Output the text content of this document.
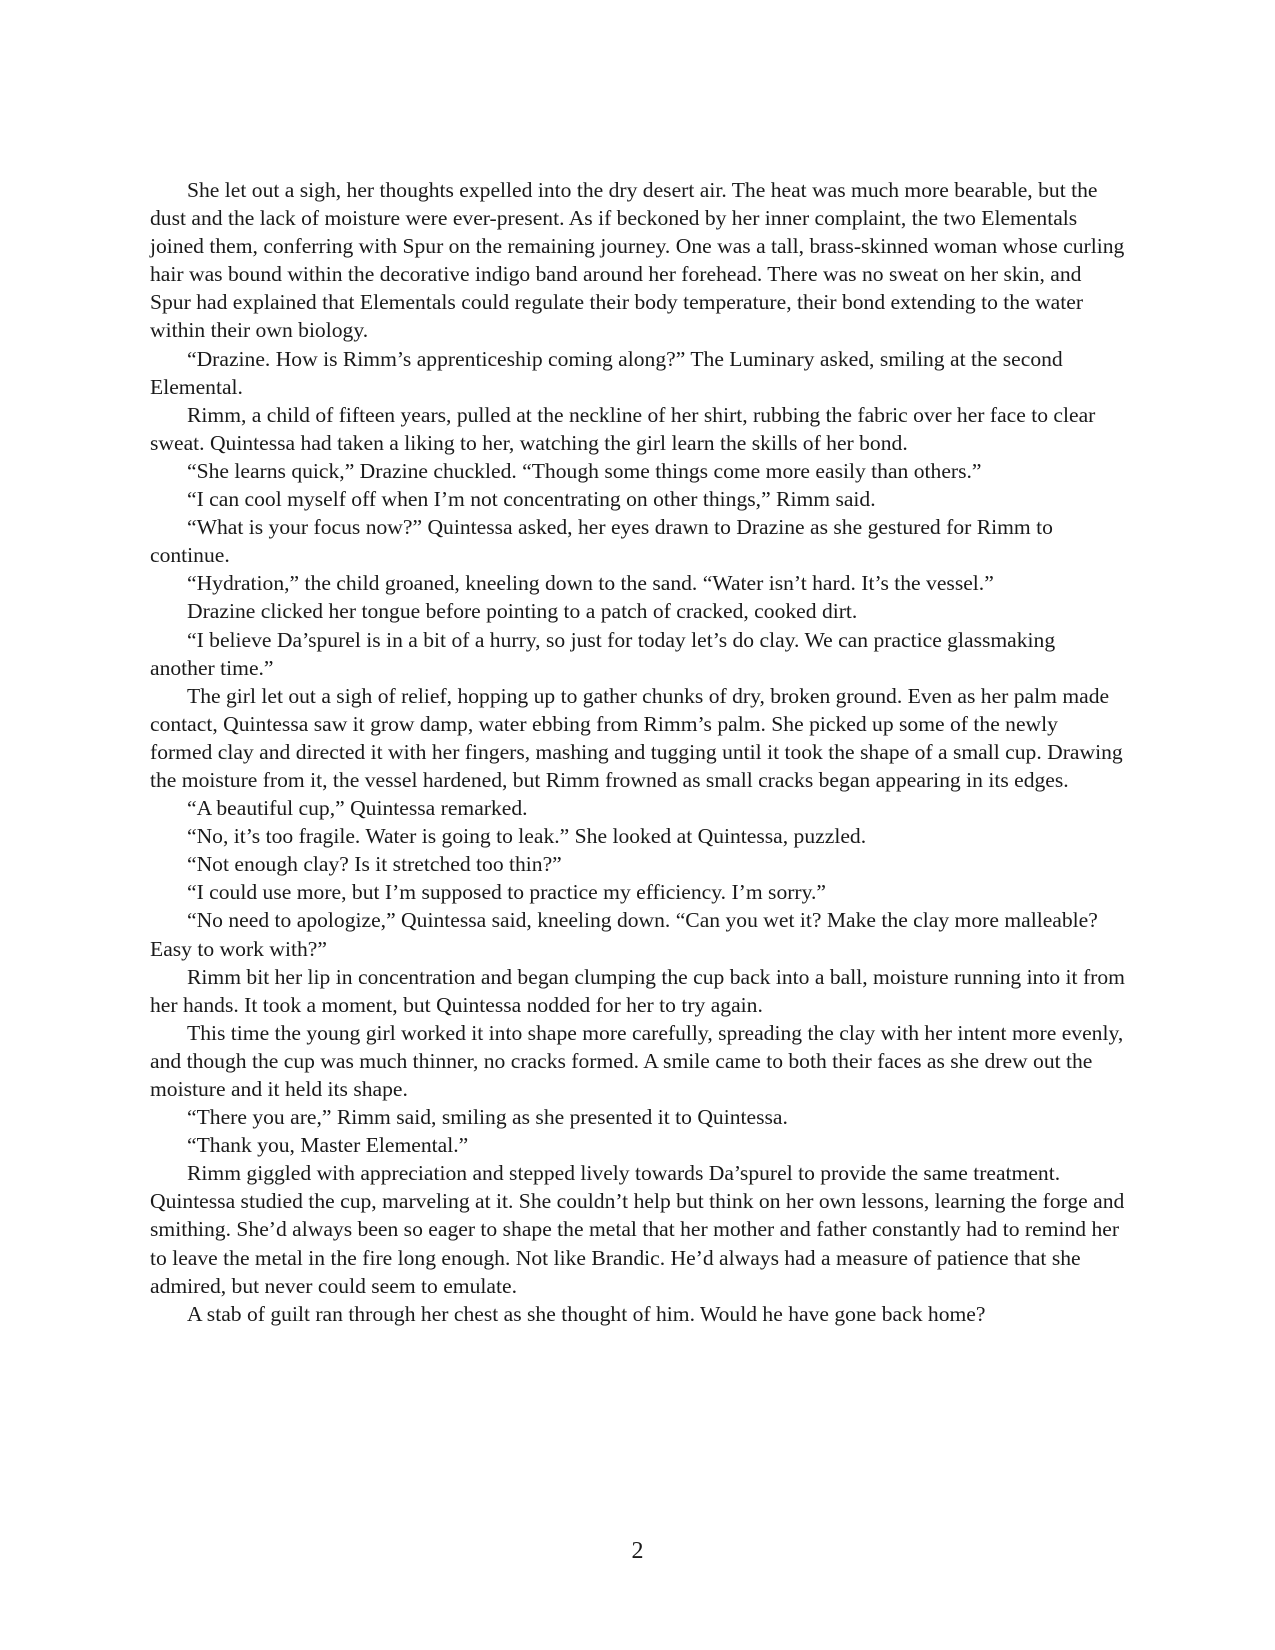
She let out a sigh, her thoughts expelled into the dry desert air. The heat was much more bearable, but the dust and the lack of moisture were ever-present. As if beckoned by her inner complaint, the two Elementals joined them, conferring with Spur on the remaining journey. One was a tall, brass-skinned woman whose curling hair was bound within the decorative indigo band around her forehead. There was no sweat on her skin, and Spur had explained that Elementals could regulate their body temperature, their bond extending to the water within their own biology.

“Drazine. How is Rimm’s apprenticeship coming along?” The Luminary asked, smiling at the second Elemental.

Rimm, a child of fifteen years, pulled at the neckline of her shirt, rubbing the fabric over her face to clear sweat. Quintessa had taken a liking to her, watching the girl learn the skills of her bond.

“She learns quick,” Drazine chuckled. “Though some things come more easily than others.”

“I can cool myself off when I’m not concentrating on other things,” Rimm said.

“What is your focus now?” Quintessa asked, her eyes drawn to Drazine as she gestured for Rimm to continue.

“Hydration,” the child groaned, kneeling down to the sand. “Water isn’t hard. It’s the vessel.”

Drazine clicked her tongue before pointing to a patch of cracked, cooked dirt.

“I believe Da’spurel is in a bit of a hurry, so just for today let’s do clay. We can practice glassmaking another time.”

The girl let out a sigh of relief, hopping up to gather chunks of dry, broken ground. Even as her palm made contact, Quintessa saw it grow damp, water ebbing from Rimm’s palm. She picked up some of the newly formed clay and directed it with her fingers, mashing and tugging until it took the shape of a small cup. Drawing the moisture from it, the vessel hardened, but Rimm frowned as small cracks began appearing in its edges.

“A beautiful cup,” Quintessa remarked.

“No, it’s too fragile. Water is going to leak.” She looked at Quintessa, puzzled.

“Not enough clay? Is it stretched too thin?”

“I could use more, but I’m supposed to practice my efficiency. I’m sorry.”

“No need to apologize,” Quintessa said, kneeling down. “Can you wet it? Make the clay more malleable? Easy to work with?”

Rimm bit her lip in concentration and began clumping the cup back into a ball, moisture running into it from her hands. It took a moment, but Quintessa nodded for her to try again.

This time the young girl worked it into shape more carefully, spreading the clay with her intent more evenly, and though the cup was much thinner, no cracks formed. A smile came to both their faces as she drew out the moisture and it held its shape.

“There you are,” Rimm said, smiling as she presented it to Quintessa.

“Thank you, Master Elemental.”

Rimm giggled with appreciation and stepped lively towards Da’spurel to provide the same treatment. Quintessa studied the cup, marveling at it. She couldn’t help but think on her own lessons, learning the forge and smithing. She’d always been so eager to shape the metal that her mother and father constantly had to remind her to leave the metal in the fire long enough. Not like Brandic. He’d always had a measure of patience that she admired, but never could seem to emulate.

A stab of guilt ran through her chest as she thought of him. Would he have gone back home?

2
